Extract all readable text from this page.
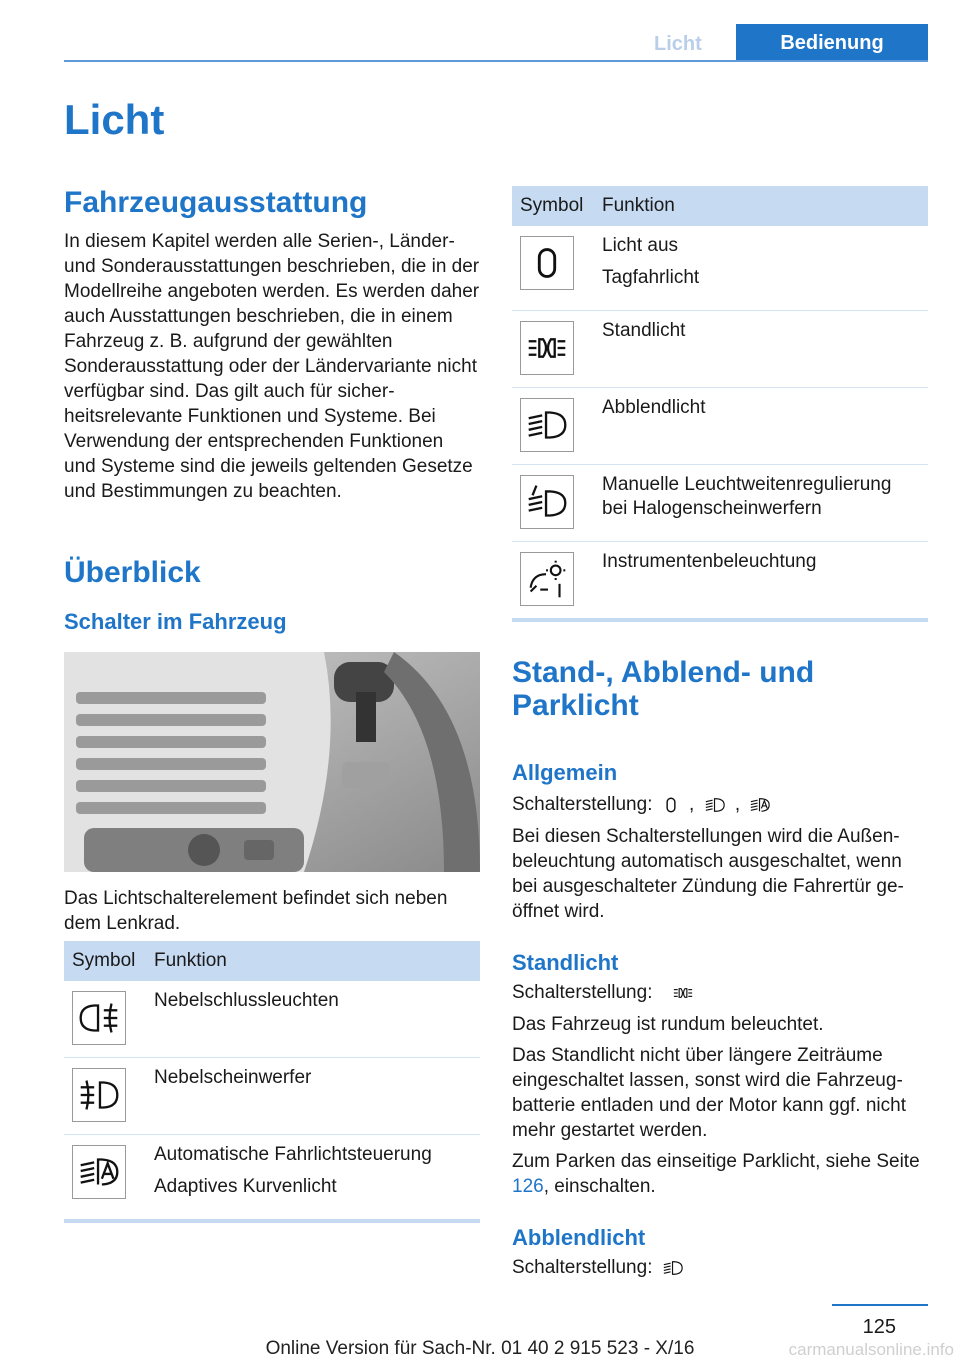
Licht	Bedienung
Licht
Fahrzeugausstattung

In diesem Kapitel werden alle Serien-, Länder- und Sonderausstattungen beschrieben, die in der Modellreihe angeboten werden. Es werden daher auch Ausstattungen beschrieben, die in einem Fahrzeug z. B. aufgrund der gewählten Sonderausstattung oder der Ländervariante nicht verfügbar sind. Das gilt auch für sicherheitsrelevante Funktionen und Systeme. Bei Verwendung der entsprechenden Funktionen und Systeme sind die jeweils geltenden Gesetze und Bestimmungen zu beachten.

Überblick
Schalter im Fahrzeug

Das Lichtschalterelement befindet sich neben dem Lenkrad.

Symbol	Funktion

Nebelschlussleuchten

Nebelscheinwerfer

Automatische Fahrlichtsteuerung
Adaptives Kurvenlicht
Symbol	Funktion

Licht aus
Tagfahrlicht

Standlicht

Abblendlicht

Manuelle Leuchtweitenregulierung bei Halogenscheinwerfern

Instrumentenbeleuchtung
Stand-, Abblend- und Parklicht
Allgemein

Schalterstellung:  ,  ,

Bei diesen Schalterstellungen wird die Außenbeleuchtung automatisch ausgeschaltet, wenn bei ausgeschalteter Zündung die Fahrertür geöffnet wird.

Standlicht

Schalterstellung:

Das Fahrzeug ist rundum beleuchtet.

Das Standlicht nicht über längere Zeiträume eingeschaltet lassen, sonst wird die Fahrzeugbatterie entladen und der Motor kann ggf. nicht mehr gestartet werden.

Zum Parken das einseitige Parklicht, siehe Seite 126, einschalten.

Abblendlicht

Schalterstellung:

125
Online Version für Sach-Nr. 01 40 2 915 523 - X/16	carmanualsonline.info
